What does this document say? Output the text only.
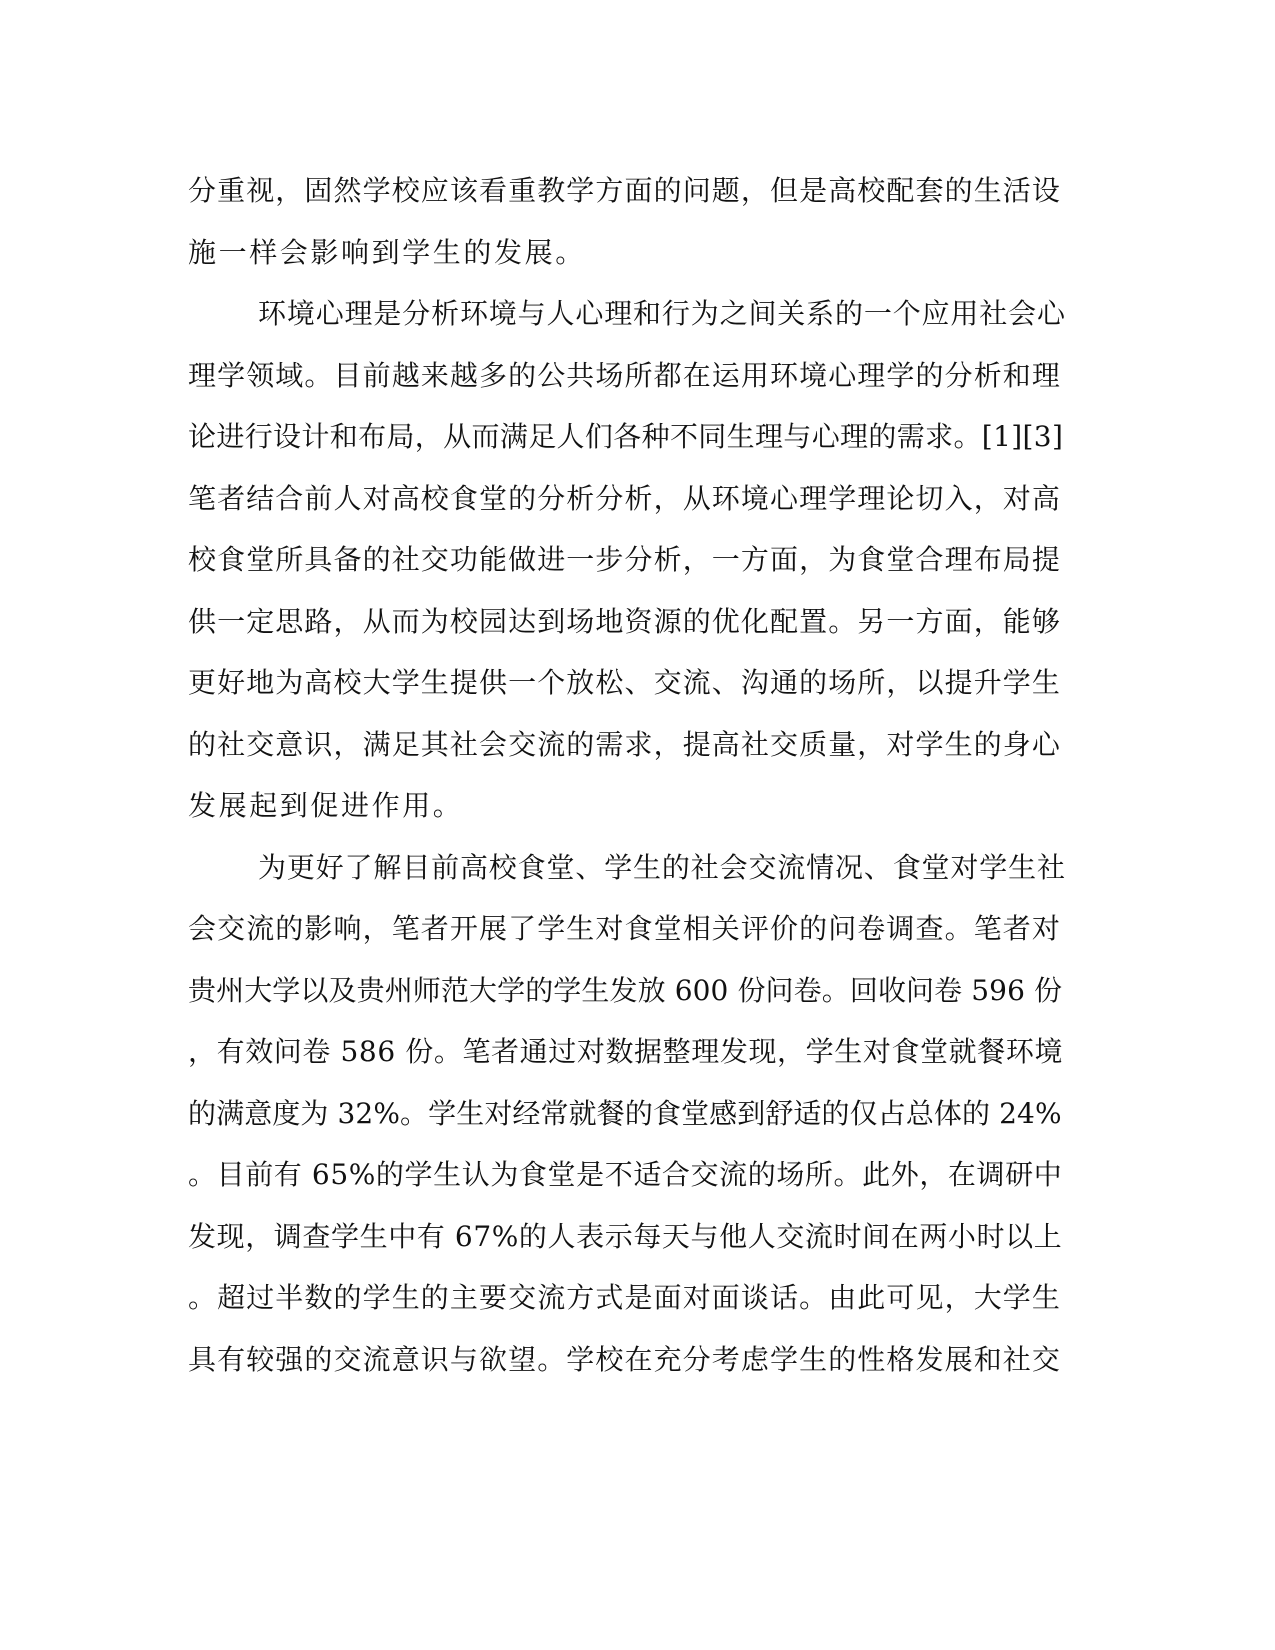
分重视，固然学校应该看重教学方面的问题，但是高校配套的生活设
施一样会影响到学生的发展。
环境心理是分析环境与人心理和行为之间关系的一个应用社会心
理学领域。目前越来越多的公共场所都在运用环境心理学的分析和理
论进行设计和布局，从而满足人们各种不同生理与心理的需求。[1][3]
笔者结合前人对高校食堂的分析分析，从环境心理学理论切入，对高
校食堂所具备的社交功能做进一步分析，一方面，为食堂合理布局提
供一定思路，从而为校园达到场地资源的优化配置。另一方面，能够
更好地为高校大学生提供一个放松、交流、沟通的场所，以提升学生
的社交意识，满足其社会交流的需求，提高社交质量，对学生的身心
发展起到促进作用。
为更好了解目前高校食堂、学生的社会交流情况、食堂对学生社
会交流的影响，笔者开展了学生对食堂相关评价的问卷调查。笔者对
贵州大学以及贵州师范大学的学生发放 600 份问卷。回收问卷 596 份
，有效问卷 586 份。笔者通过对数据整理发现，学生对食堂就餐环境
的满意度为 32%。学生对经常就餐的食堂感到舒适的仅占总体的 24%
。目前有 65%的学生认为食堂是不适合交流的场所。此外，在调研中
发现，调查学生中有 67%的人表示每天与他人交流时间在两小时以上
。超过半数的学生的主要交流方式是面对面谈话。由此可见，大学生
具有较强的交流意识与欲望。学校在充分考虑学生的性格发展和社交
